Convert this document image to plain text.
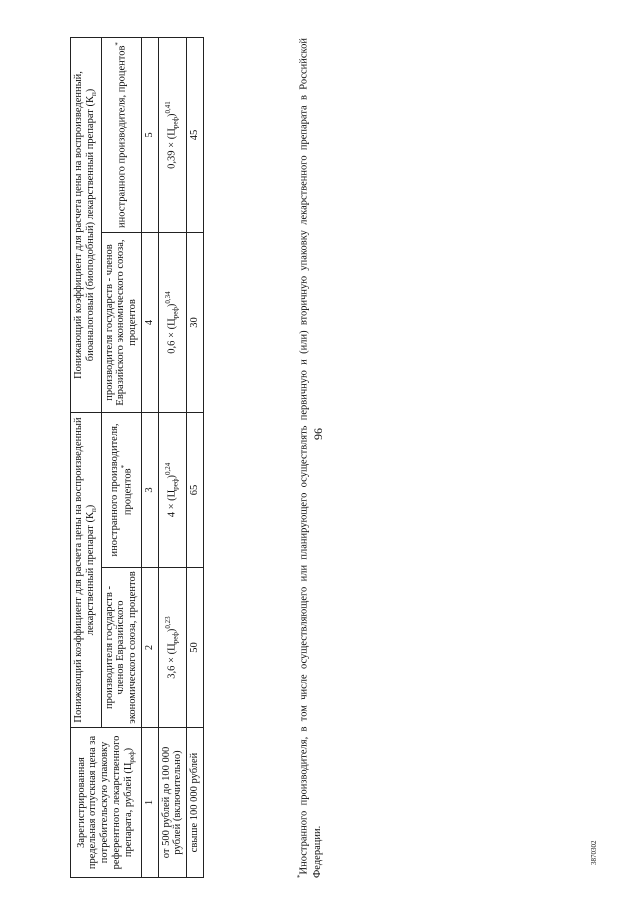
96
Зарегистрированная предельная отпускная цена за потребительскую упаковку референтного лекарственного препарата, рублей $(Ц_{реф})$	Понижающий коэффициент для расчета цены на воспроизведенный лекарственный препарат $(К_п)$		Понижающий коэффициент для расчета цены на воспроизведенный, биоаналоговый (биоподобный) лекарственный препарат $(К_п)$	
	производителя государств - членов Евразийского экономического союза, процентов	иностранного производителя, процентов*	производителя государств - членов Евразийского экономического союза, процентов	иностранного производителя, процентов*
1	2	3	4	5
от 500 рублей до 100 000 рублей (включительно)	$3,6 \times (Ц_{реф})^{0,23}$	$4 \times (Ц_{реф})^{0,24}$	$0,6 \times (Ц_{реф})^{0,34}$	$0,39 \times (Ц_{реф})^{0,41}$
свыше 100 000 рублей	50	65	30	45
*Иностранного производителя, в том числе осуществляющего или планирующего осуществлять первичную и (или) вторичную упаковку лекарственного препарата в Российской Федерации.	3870302
